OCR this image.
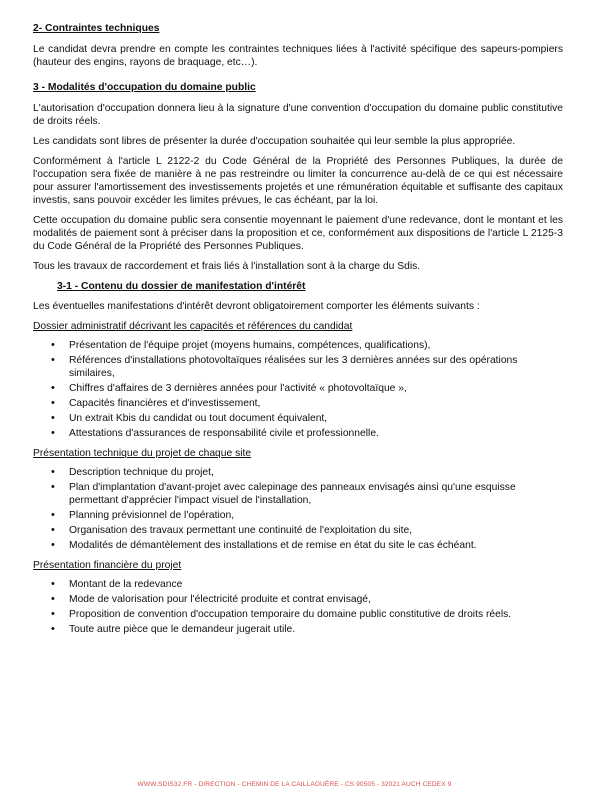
2- Contraintes techniques
Le candidat devra prendre en compte les contraintes techniques liées à l'activité spécifique des sapeurs-pompiers (hauteur des engins, rayons de braquage, etc…).
3 - Modalités d'occupation du domaine public
L'autorisation d'occupation donnera lieu à la signature d'une convention d'occupation du domaine public constitutive de droits réels.
Les candidats sont libres de présenter la durée d'occupation souhaitée qui leur semble la plus appropriée.
Conformément à l'article L 2122-2 du Code Général de la Propriété des Personnes Publiques, la durée de l'occupation sera fixée de manière à ne pas restreindre ou limiter la concurrence au-delà de ce qui est nécessaire pour assurer l'amortissement des investissements projetés et une rémunération équitable et suffisante des capitaux investis, sans pouvoir excéder les limites prévues, le cas échéant, par la loi.
Cette occupation du domaine public sera consentie moyennant le paiement d'une redevance, dont le montant et les modalités de paiement sont à préciser dans la proposition et ce, conformément aux dispositions de l'article L 2125-3 du Code Général de la Propriété des Personnes Publiques.
Tous les travaux de raccordement et frais liés à l'installation sont à la charge du Sdis.
3-1 - Contenu du dossier de manifestation d'intérêt
Les éventuelles manifestations d'intérêt devront obligatoirement comporter les éléments suivants :
Dossier administratif décrivant les capacités et références du candidat
• Présentation de l'équipe projet (moyens humains, compétences, qualifications),
• Références d'installations photovoltaïques réalisées sur les 3 dernières années sur des opérations similaires,
• Chiffres d'affaires de 3 dernières années pour l'activité « photovoltaïque »,
• Capacités financières et d'investissement,
• Un extrait Kbis du candidat ou tout document équivalent,
• Attestations d'assurances de responsabilité civile et professionnelle.
Présentation technique du projet de chaque site
• Description technique du projet,
• Plan d'implantation d'avant-projet avec calepinage des panneaux envisagés ainsi qu'une esquisse permettant d'apprécier l'impact visuel de l'installation,
• Planning prévisionnel de l'opération,
• Organisation des travaux permettant une continuité de l'exploitation du site,
• Modalités de démantèlement des installations et de remise en état du site le cas échéant.
Présentation financière du projet
• Montant de la redevance
• Mode de valorisation pour l'électricité produite et contrat envisagé,
• Proposition de convention d'occupation temporaire du domaine public constitutive de droits réels.
• Toute autre pièce que le demandeur jugerait utile.
WWW.SDIS32.FR - DIRECTION - CHEMIN DE LA CAILLAOUÈRE - CS 90505 - 32021 AUCH CEDEX 9
